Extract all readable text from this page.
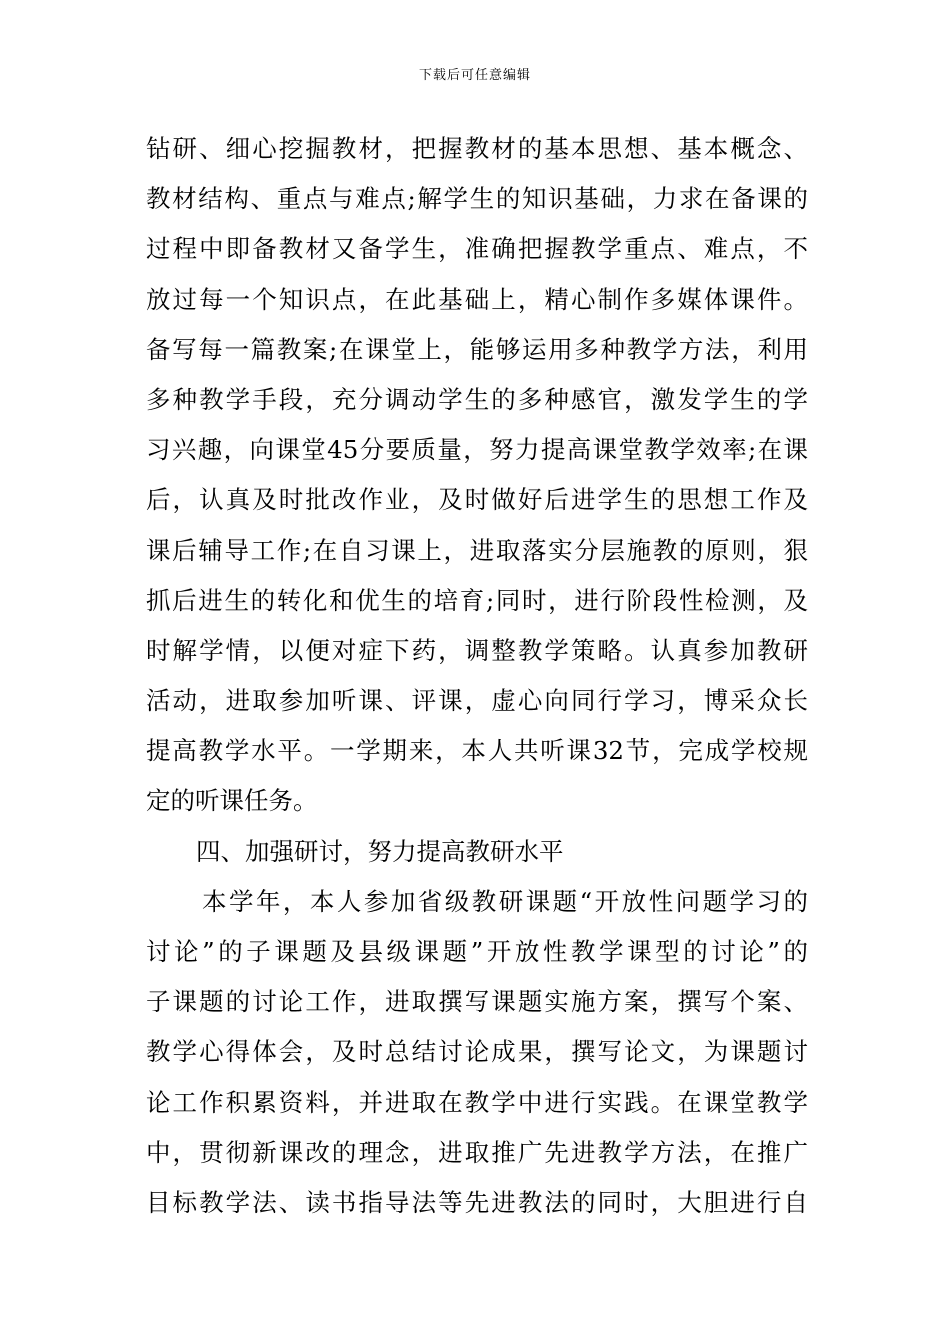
下载后可任意编辑
钻研、细心挖掘教材，把握教材的基本思想、基本概念、
教材结构、重点与难点;解学生的知识基础，力求在备课的
过程中即备教材又备学生，准确把握教学重点、难点，不
放过每一个知识点，在此基础上，精心制作多媒体课件。
备写每一篇教案;在课堂上，能够运用多种教学方法，利用
多种教学手段，充分调动学生的多种感官，激发学生的学
习兴趣，向课堂45分要质量，努力提高课堂教学效率;在课
后，认真及时批改作业，及时做好后进学生的思想工作及
课后辅导工作;在自习课上，进取落实分层施教的原则，狠
抓后进生的转化和优生的培育;同时，进行阶段性检测，及
时解学情，以便对症下药，调整教学策略。认真参加教研
活动，进取参加听课、评课，虚心向同行学习，博采众长
提高教学水平。一学期来，本人共听课32节，完成学校规
定的听课任务。
四、加强研讨，努力提高教研水平
本学年，本人参加省级教研课题“开放性问题学习的
讨论”的子课题及县级课题”开放性教学课型的讨论”的
子课题的讨论工作，进取撰写课题实施方案，撰写个案、
教学心得体会，及时总结讨论成果，撰写论文，为课题讨
论工作积累资料，并进取在教学中进行实践。在课堂教学
中，贯彻新课改的理念，进取推广先进教学方法，在推广
目标教学法、读书指导法等先进教法的同时，大胆进行自
